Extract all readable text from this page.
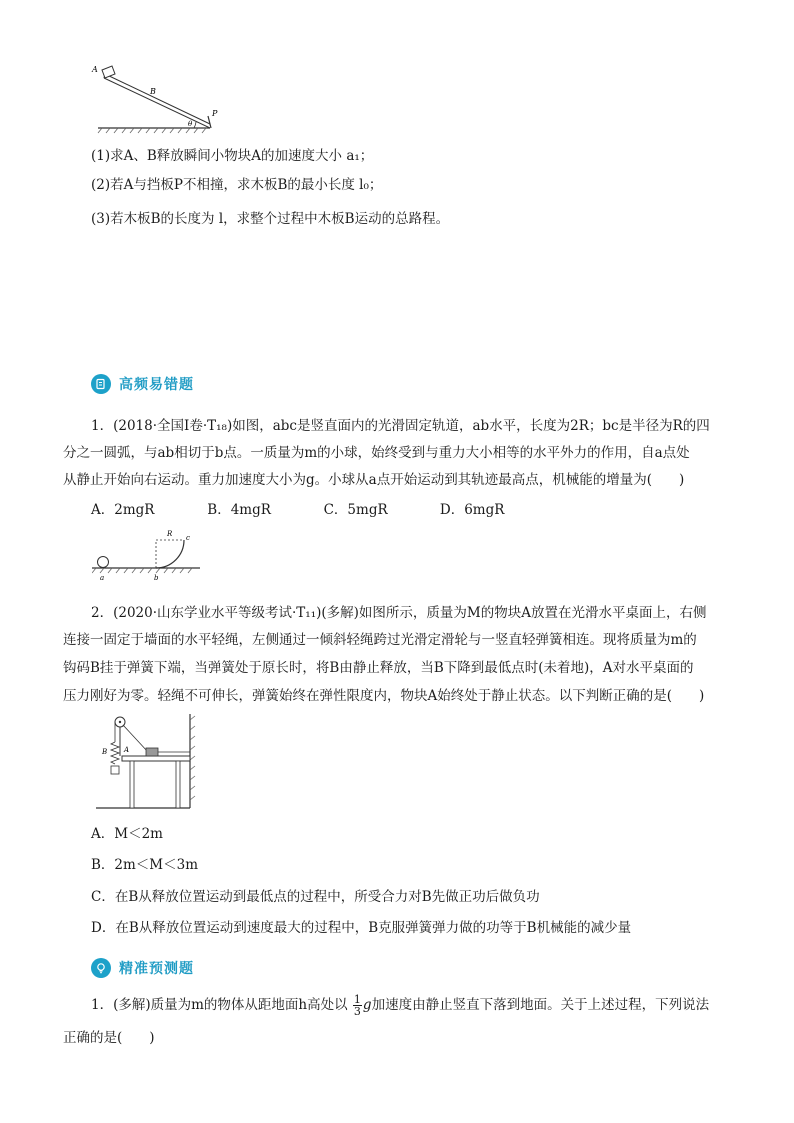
A
B
P
θ
(1)求A、B释放瞬间小物块A的加速度大小 a₁；
(2)若A与挡板P不相撞，求木板B的最小长度 l₀；
(3)若木板B的长度为 l，求整个过程中木板B运动的总路程。
高频易错题
1．(2018·全国Ⅰ卷·T₁₈)如图，abc是竖直面内的光滑固定轨道，ab水平，长度为2R；bc是半径为R的四
分之一圆弧，与ab相切于b点。一质量为m的小球，始终受到与重力大小相等的水平外力的作用，自a点处
从静止开始向右运动。重力加速度大小为g。小球从a点开始运动到其轨迹最高点，机械能的增量为(　　)
A．2mgR	B．4mgR	C．5mgR	D．6mgR
a	b
c
R
2．(2020·山东学业水平等级考试·T₁₁)(多解)如图所示，质量为M的物块A放置在光滑水平桌面上，右侧
连接一固定于墙面的水平轻绳，左侧通过一倾斜轻绳跨过光滑定滑轮与一竖直轻弹簧相连。现将质量为m的
钩码B挂于弹簧下端，当弹簧处于原长时，将B由静止释放，当B下降到最低点时(未着地)，A对水平桌面的
压力刚好为零。轻绳不可伸长，弹簧始终在弹性限度内，物块A始终处于静止状态。以下判断正确的是(　　)
A
B
A．M＜2m
B．2m＜M＜3m
C．在B从释放位置运动到最低点的过程中，所受合力对B先做正功后做负功
D．在B从释放位置运动到速度最大的过程中，B克服弹簧弹力做的功等于B机械能的减少量
精准预测题
1．(多解)质量为m的物体从距地面h高处以 $\frac{1}{3}$ g加速度由静止竖直下落到地面。关于上述过程，下列说法
正确的是(　　)
